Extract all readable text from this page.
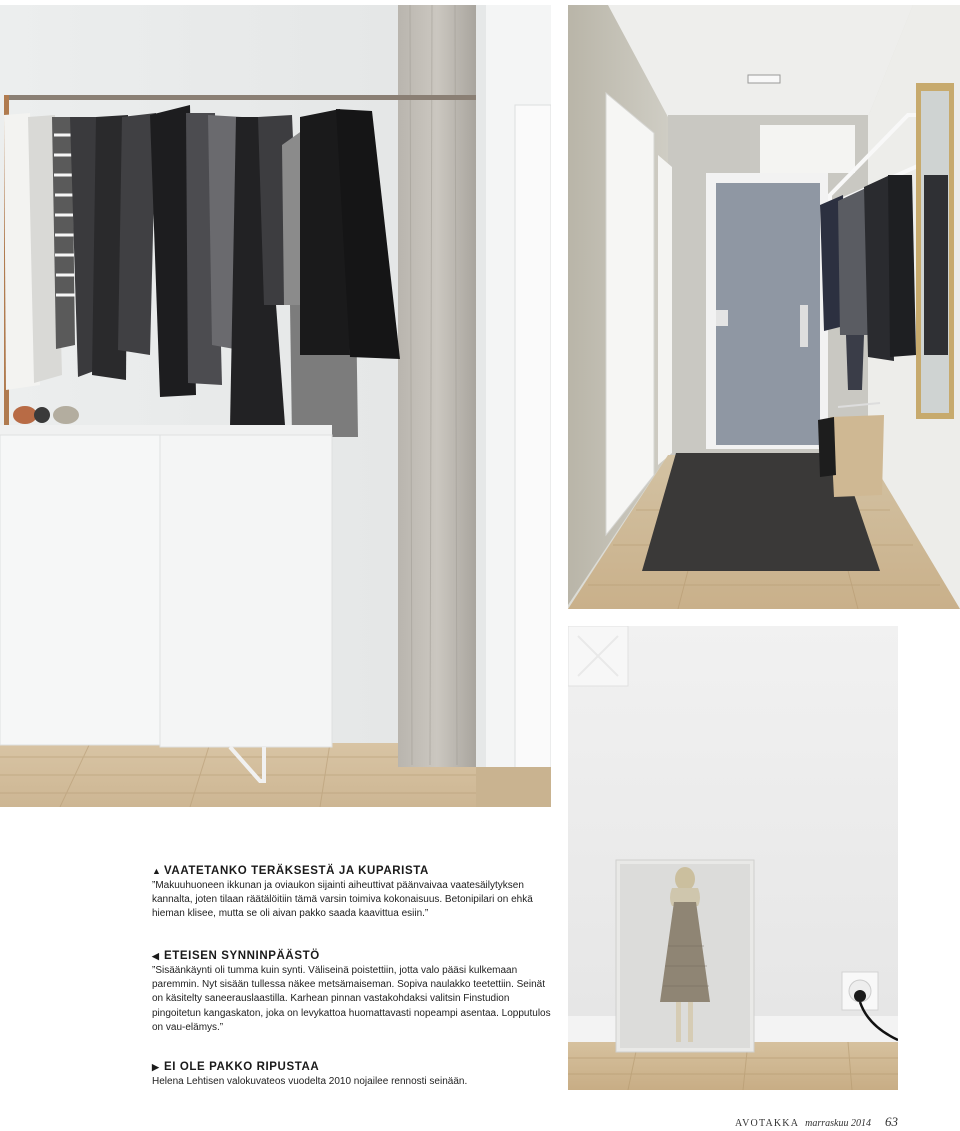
▲ VAATETANKO TERÄKSESTÄ JA KUPARISTA

”Makuuhuoneen ikkunan ja oviaukon sijainti aiheuttivat päänvaivaa vaatesäilytyksen kannalta, joten tilaan räätälöitiin tämä varsin toimiva kokonaisuus. Betonipilari on ehkä hieman klisee, mutta se oli aivan pakko saada kaavittua esiin.”

◀ ETEISEN SYNNINPÄÄSTÖ

”Sisäänkäynti oli tumma kuin synti. Väliseinä poistettiin, jotta valo pääsi kulkemaan paremmin. Nyt sisään tullessa näkee metsämaiseman. Sopiva naulakko teetettiin. Seinät on käsitelty saneerauslaastilla. Karhean pinnan vastakohdaksi valitsin Finstudion pingoitetun kangaskaton, joka on levykattoa huomattavasti nopeampi asentaa. Lopputulos on vau-elämys.”

▶ EI OLE PAKKO RIPUSTAA

Helena Lehtisen valokuvateos vuodelta 2010 nojailee rennosti seinään.

AVOTAKKA marraskuu 2014 63
